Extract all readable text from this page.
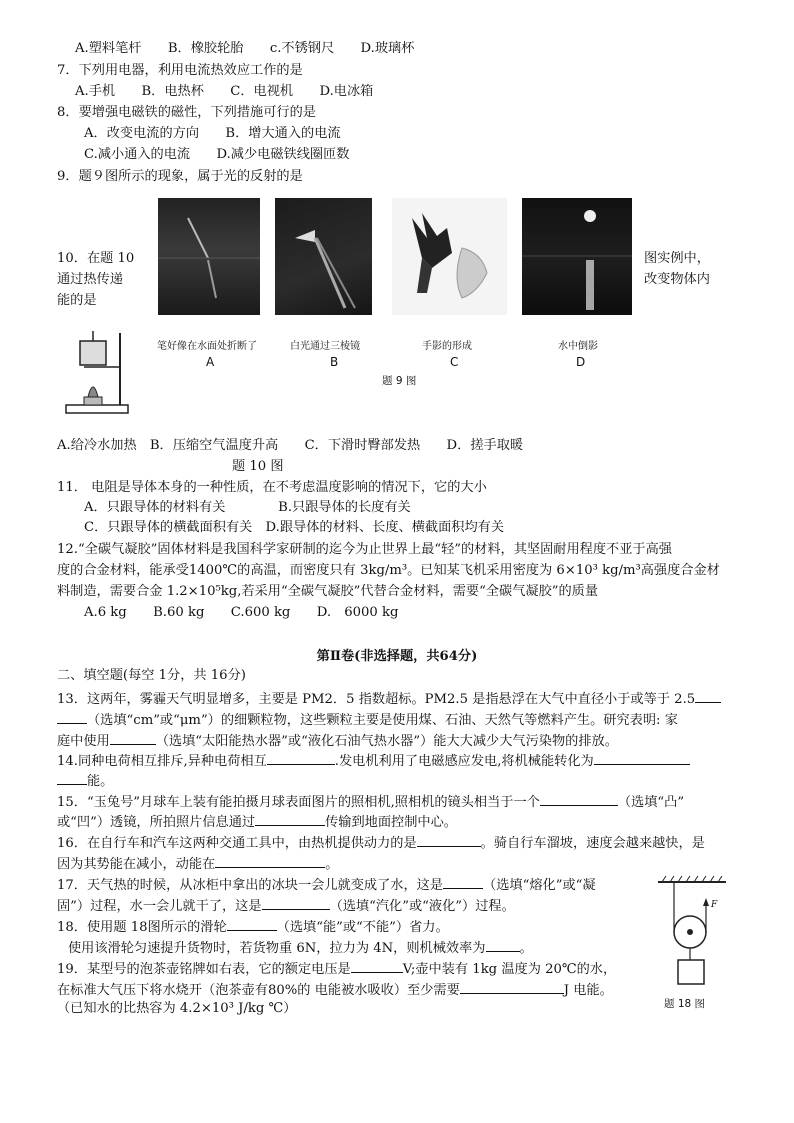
A.塑料笔杆　　B．橡胶轮胎　　c.不锈钢尺　　D.玻璃杯
7．下列用电器，利用电流热效应工作的是
A.手机　　B．电热杯　　C．电视机　　D.电冰箱
8．要增强电磁铁的磁性，下列措施可行的是
A．改变电流的方向　　B．增大通入的电流
C.减小通入的电流　　D.减少电磁铁线圈匝数
9．题９图所示的现象，属于光的反射的是
笔好像在水面处折断了	白光通过三棱镜	手影的形成	水中倒影
A	B	C	D
题 9 图
10．在题 10
通过热传递
能的是
图实例中，
改变物体内
A.给冷水加热　B．压缩空气温度升高　　C．下滑时臀部发热　　D．搓手取暖
题 10 图
11． 电阻是导体本身的一种性质，在不考虑温度影响的情况下，它的大小
A．只跟导体的材料有关　　　　B.只跟导体的长度有关
C．只跟导体的横截面积有关　D.跟导体的材料、长度、横截面积均有关
12.“全碳气凝胶”固体材料是我国科学家研制的迄今为止世界上最“轻”的材料，其坚固耐用程度不亚于高强
度的合金材料，能承受1400℃的高温，而密度只有 3kg/m³。已知某飞机采用密度为 6×10³ kg/m³高强度合金材
料制造，需要合金 1.2×10⁵kg,若采用“全碳气凝胶”代替合金材料，需要“全碳气凝胶”的质量
A.6 kg　　B.60 kg　　C.600 kg　　D.　6000 kg
第Ⅱ卷(非选择题，共64分)
二、填空题(每空 1分，共 16分)
13．这两年，雾霾天气明显增多，主要是 PM2．5 指数超标。PM2.5 是指悬浮在大气中直径小于或等于 2.5
（选填“cm”或“μm”）的细颗粒物，这些颗粒主要是使用煤、石油、天然气等燃料产生。研究表明: 家
庭中使用	（选填“太阳能热水器”或“液化石油气热水器”）能大大减少大气污染物的排放。
14.同种电荷相互排斥,异种电荷相互	.发电机利用了电磁感应发电,将机械能转化为
能。
15．“玉兔号”月球车上装有能拍摄月球表面图片的照相机,照相机的镜头相当于一个	（选填“凸”
或“凹”）透镜，所拍照片信息通过	传输到地面控制中心。
16．在自行车和汽车这两种交通工具中，由热机提供动力的是	。骑自行车溜坡，速度会越来越快，是
因为其势能在减小，动能在	。
17．天气热的时候，从冰柜中拿出的冰块一会儿就变成了水，这是	（选填“熔化”或“凝
固”）过程，水一会儿就干了，这是	（选填“汽化”或“液化”）过程。
18．使用题 18图所示的滑轮	（选填“能”或“不能”）省力。
使用该滑轮匀速提升货物时，若货物重 6N，拉力为 4N，则机械效率为	。
19．某型号的泡茶壶铭牌如右表，它的额定电压是	V;壶中装有 1kg 温度为 20℃的水，
在标准大气压下将水烧开（泡茶壶有80%的 电能被水吸收）至少需要	J 电能。
（已知水的比热容为 4.2×10³ J/kg ℃）
F
题 18 图
